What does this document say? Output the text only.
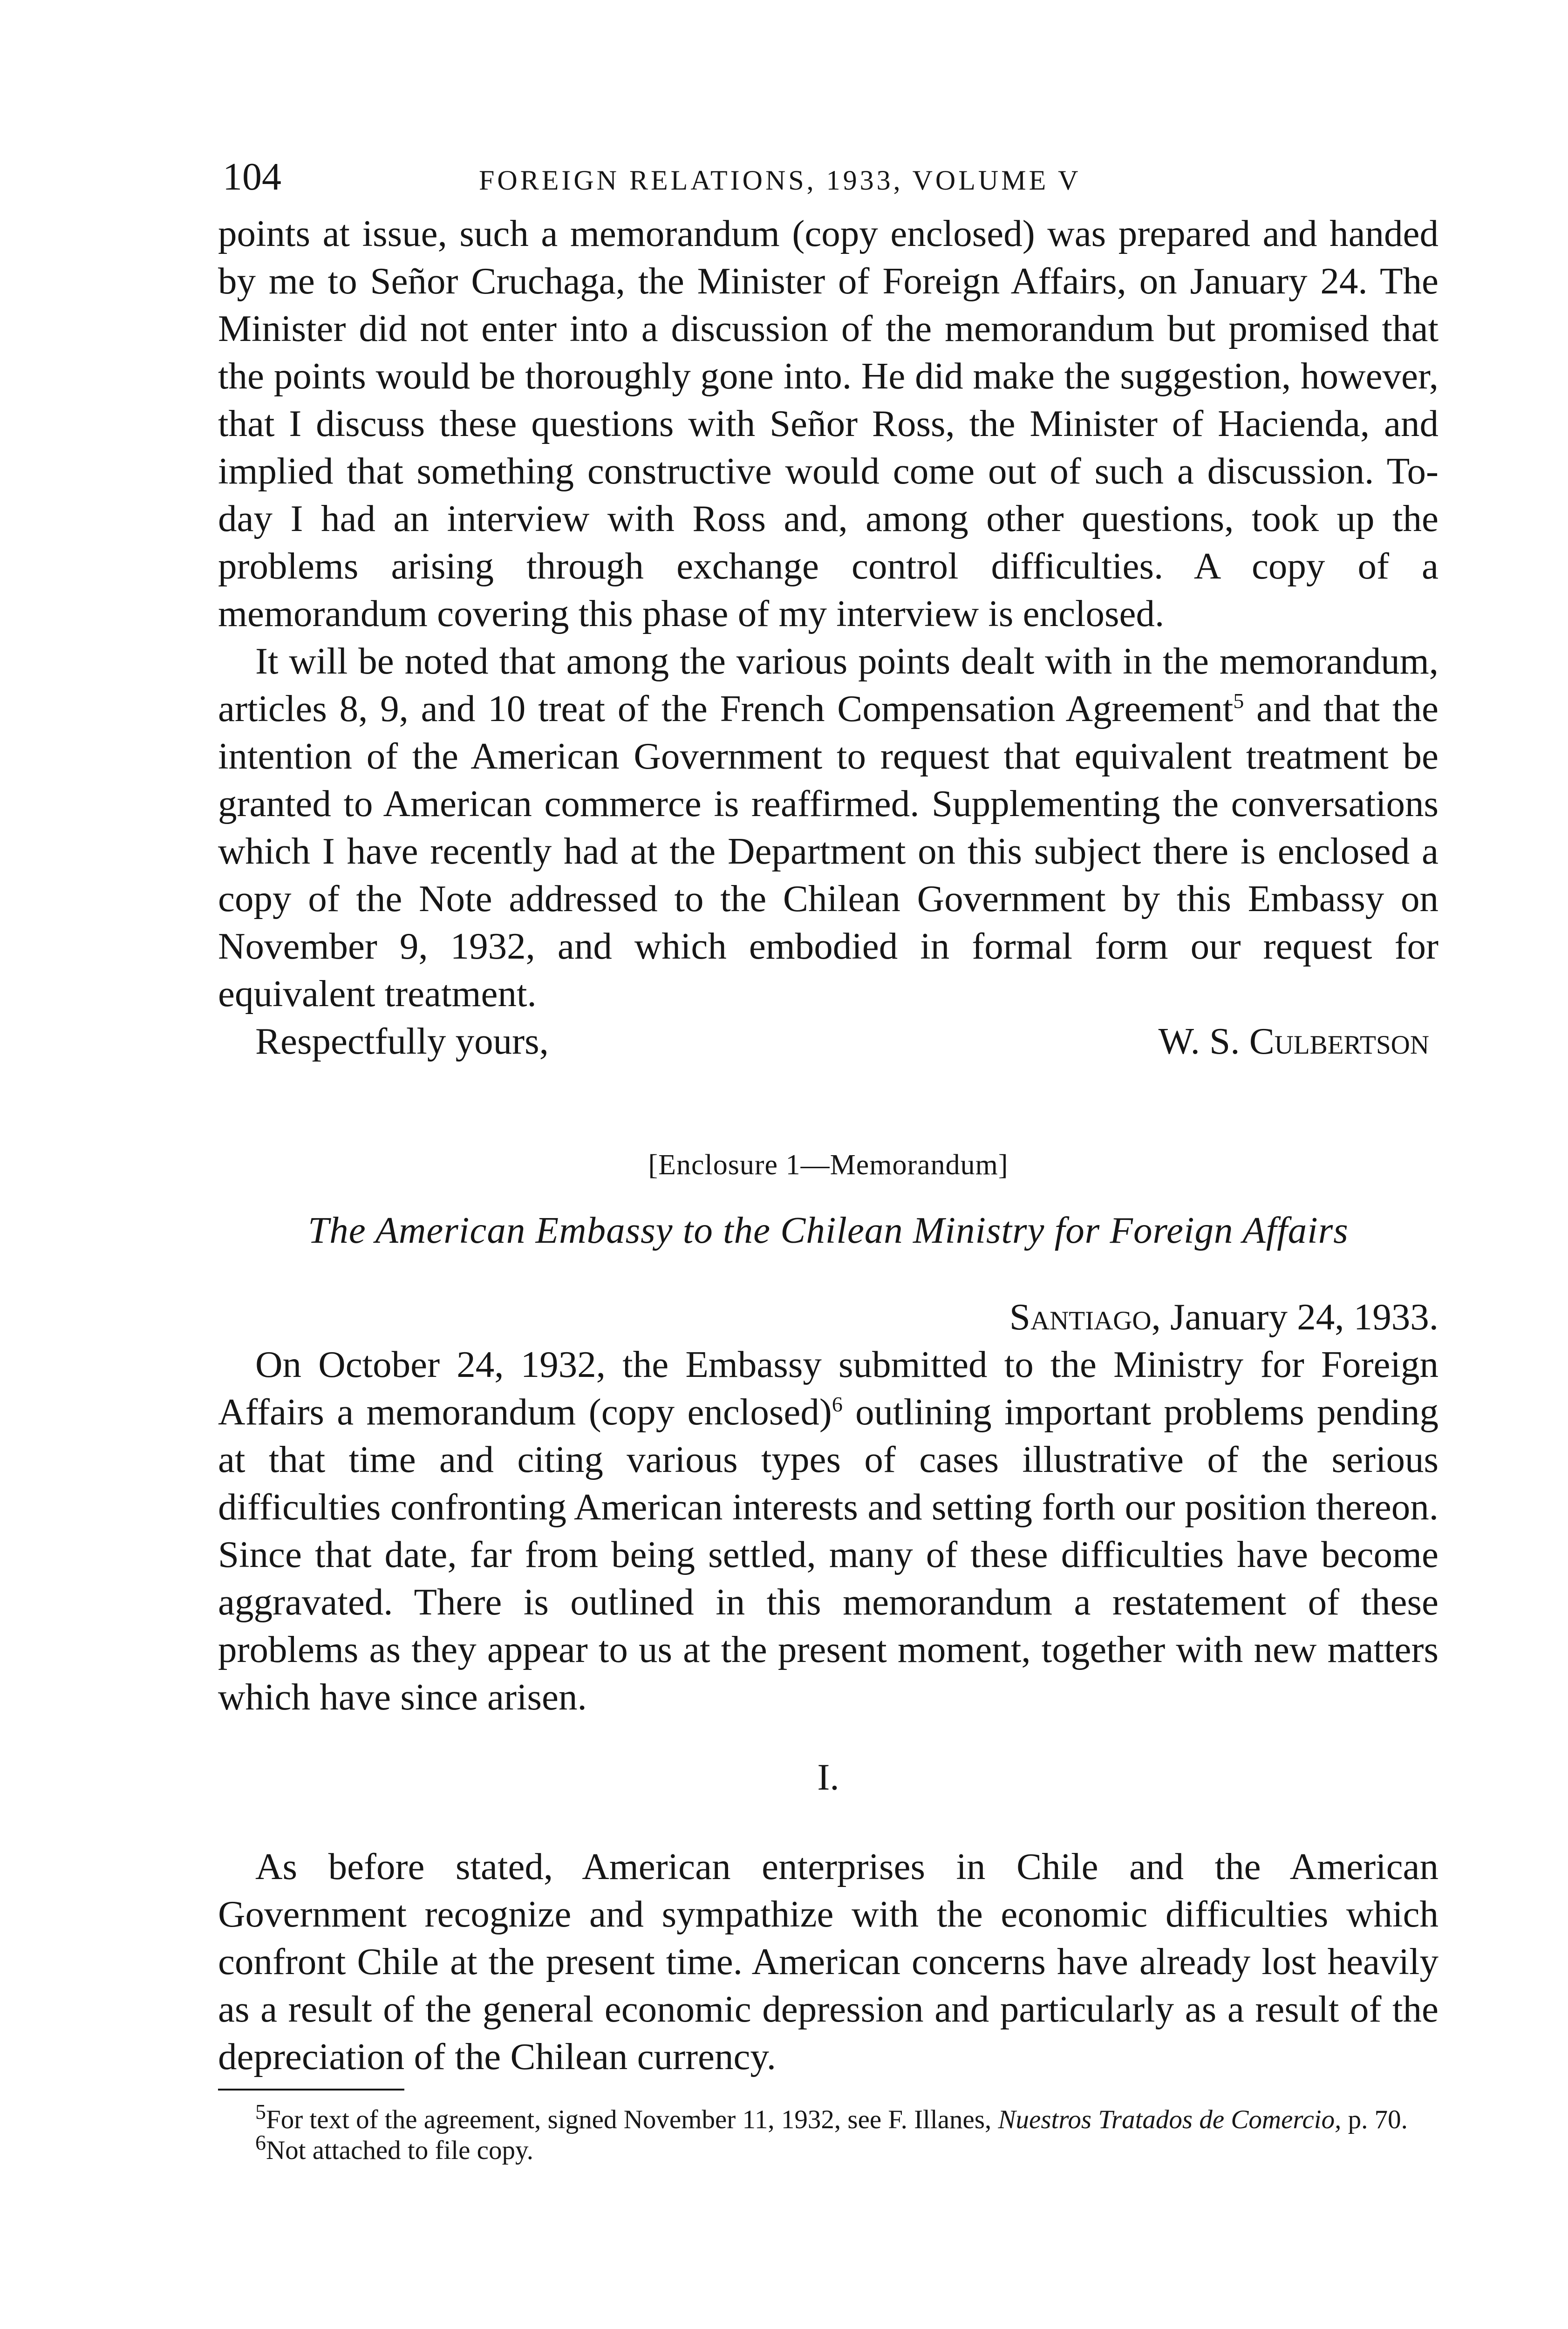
104	FOREIGN RELATIONS, 1933, VOLUME V

points at issue, such a memorandum (copy enclosed) was prepared and handed by me to Señor Cruchaga, the Minister of Foreign Affairs, on January 24. The Minister did not enter into a discussion of the memorandum but promised that the points would be thoroughly gone into. He did make the suggestion, however, that I discuss these questions with Señor Ross, the Minister of Hacienda, and implied that something constructive would come out of such a discussion. To-day I had an interview with Ross and, among other questions, took up the problems arising through exchange control difficulties. A copy of a memorandum covering this phase of my interview is enclosed.

It will be noted that among the various points dealt with in the memorandum, articles 8, 9, and 10 treat of the French Compensation Agreement$^5$ and that the intention of the American Government to request that equivalent treatment be granted to American commerce is reaffirmed. Supplementing the conversations which I have recently had at the Department on this subject there is enclosed a copy of the Note addressed to the Chilean Government by this Embassy on November 9, 1932, and which embodied in formal form our request for equivalent treatment.

Respectfully yours,	W. S. Culbertson
[Enclosure 1—Memorandum]
The American Embassy to the Chilean Ministry for Foreign Affairs
Santiago, January 24, 1933.

On October 24, 1932, the Embassy submitted to the Ministry for Foreign Affairs a memorandum (copy enclosed)$^6$ outlining important problems pending at that time and citing various types of cases illustrative of the serious difficulties confronting American interests and setting forth our position thereon. Since that date, far from being settled, many of these difficulties have become aggravated. There is outlined in this memorandum a restatement of these problems as they appear to us at the present moment, together with new matters which have since arisen.

I.

As before stated, American enterprises in Chile and the American Government recognize and sympathize with the economic difficulties which confront Chile at the present time. American concerns have already lost heavily as a result of the general economic depression and particularly as a result of the depreciation of the Chilean currency.

$^5$For text of the agreement, signed November 11, 1932, see F. Illanes, Nuestros Tratados de Comercio, p. 70.

$^6$Not attached to file copy.
